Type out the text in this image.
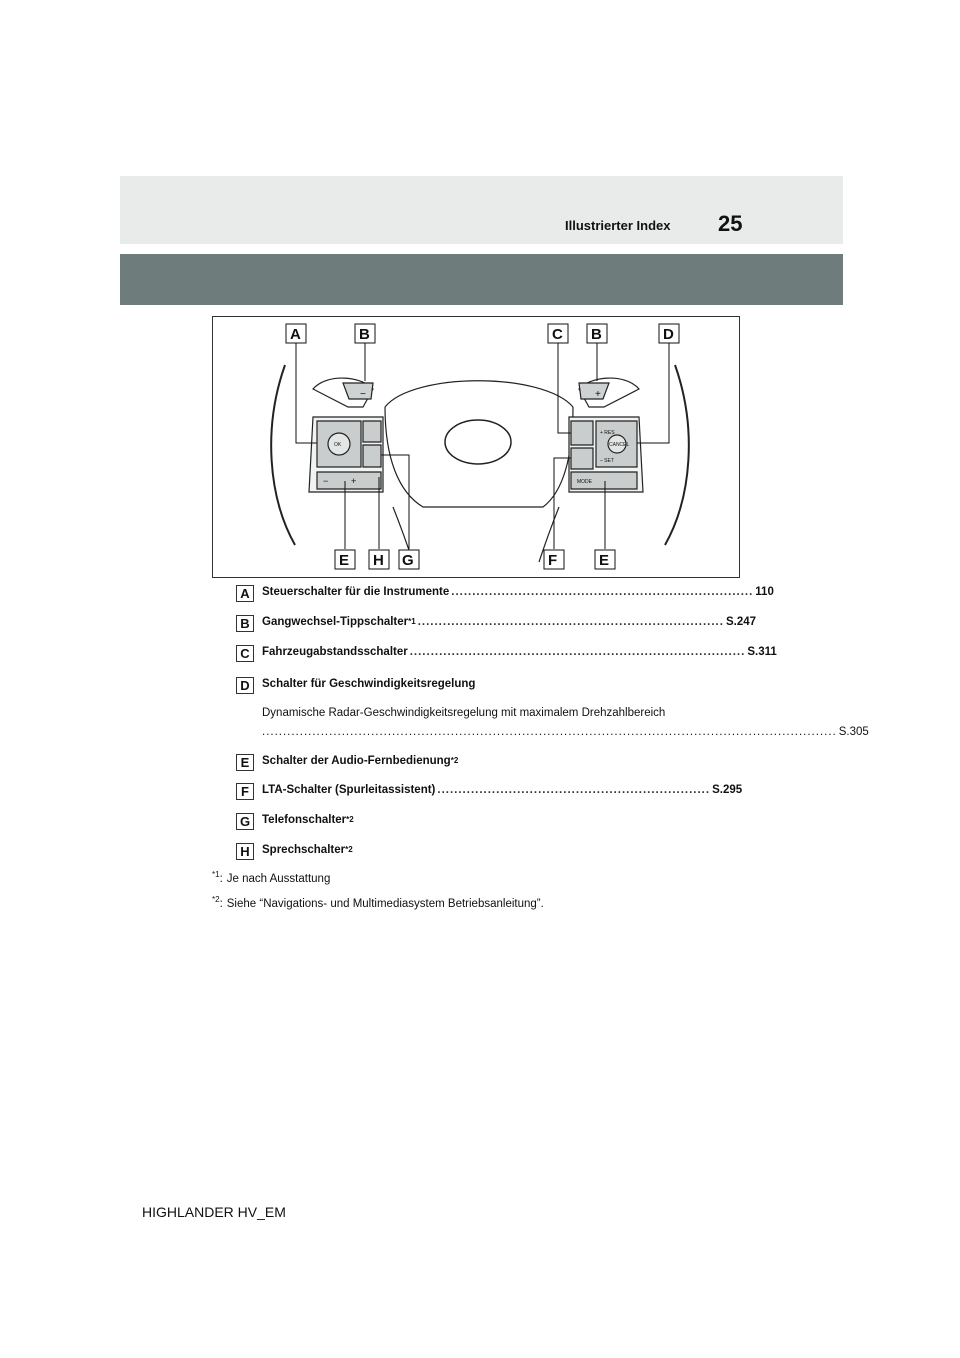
Illustrierter Index 25
OK
+ RES
– SET
CANCEL
MODE
−	+
−	+
A	B	C B	D
E H G	F	E
A	Steuerschalter für die Instrumente ........................................................................ 110
B	Gangwechsel-Tippschalter$^{*1}$ ......................................................................... S.247
C	Fahrzeugabstandsschalter ................................................................................ S.311
D	Schalter für Geschwindigkeitsregelung
Dynamische Radar-Geschwindigkeitsregelung mit maximalem Drehzahlbereich
......................................................................................................................................... S.305
E	Schalter der Audio-Fernbedienung$^{*2}$
F	LTA-Schalter (Spurleitassistent) ................................................................. S.295
G	Telefonschalter$^{*2}$
H	Sprechschalter$^{*2}$
$^{*1}$: Je nach Ausstattung
$^{*2}$: Siehe “Navigations- und Multimediasystem Betriebsanleitung”.
HIGHLANDER HV_EM
